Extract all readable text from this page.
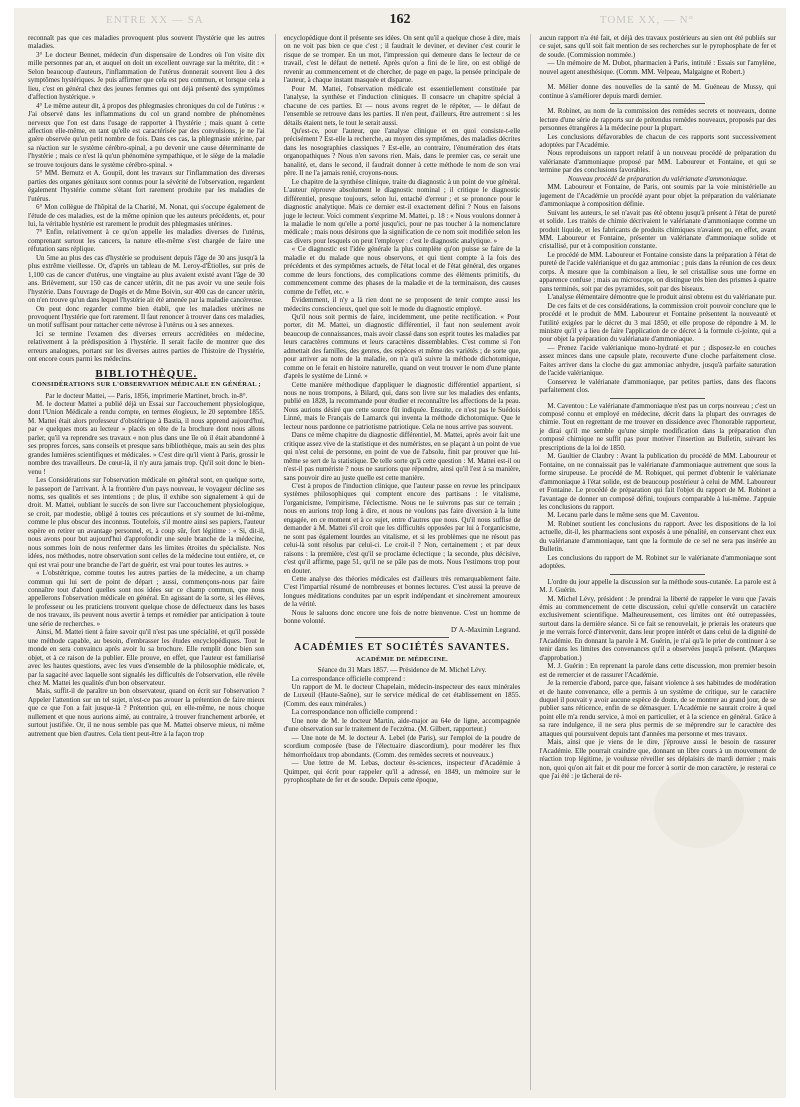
ENTRE XX — SA	162	TOME XX, — N°

reconnaît pas que ces maladies provoquent plus souvent l'hystérie que les autres maladies.

3° Le docteur Bennet, médecin d'un dispensaire de Londres où l'on visite dix mille personnes par an, et auquel on doit un excellent ouvrage sur la métrite, dit : « Selon beaucoup d'auteurs, l'inflammation de l'utérus donnerait souvent lieu à des symptômes hystériques. Je puis affirmer que cela est peu commun, et lorsque cela a lieu, c'est en général chez des jeunes femmes qui ont déjà présenté des symptômes d'affection hystérique. »

4° Le même auteur dit, à propos des phlegmasies chroniques du col de l'utérus : « J'ai observé dans les inflammations du col un grand nombre de phénomènes nerveux que l'on est dans l'usage de rapporter à l'hystérie ; mais quant à cette affection elle-même, en tant qu'elle est caractérisée par des convulsions, je ne l'ai guère observée qu'un petit nombre de fois. Dans ces cas, la phlegmasie utérine, par sa réaction sur le système cérébro-spinal, a pu devenir une cause déterminante de l'hystérie ; mais ce n'est là qu'un phénomène sympathique, et le siège de la maladie se trouve toujours dans le système cérébro-spinal. »

5° MM. Bernutz et A. Goupil, dont les travaux sur l'inflammation des diverses parties des organes génitaux sont connus pour la sévérité de l'observation, regardent également l'hystérie comme s'étant fort rarement produite par les maladies de l'utérus.

6° Mon collègue de l'hôpital de la Charité, M. Nonat, qui s'occupe également de l'étude de ces maladies, est de la même opinion que les auteurs précédents, et, pour lui, la véritable hystérie est rarement le produit des phlegmasies utérines.

7° Enfin, relativement à ce qu'on appelle les maladies diverses de l'utérus, comprenant surtout les cancers, la nature elle-même s'est chargée de faire une réfutation sans réplique.

Un 5me au plus des cas d'hystérie se produisent depuis l'âge de 30 ans jusqu'à la plus extrême vieillesse. Or, d'après un tableau de M. Leroy-d'Étiolles, sur près de 1,100 cas de cancer d'utérus, une vingtaine au plus avaient existé avant l'âge de 30 ans. Brièvement, sur 150 cas de cancer utérin, dit ne pas avoir vu une seule fois l'hystérie. Dans l'ouvrage de Dugès et de Mme Boivin, sur 400 cas de cancer utérin, on n'en trouve qu'un dans lequel l'hystérie ait été amenée par la maladie cancéreuse.

On peut donc regarder comme bien établi, que les maladies utérines ne provoquent l'hystérie que fort rarement. Il faut renoncer à trouver dans ces maladies, un motif suffisant pour rattacher cette névrose à l'utérus ou à ses annexes.

Ici se termine l'examen des diverses erreurs accréditées en médecine, relativement à la prédisposition à l'hystérie. Il serait facile de montrer que des erreurs analogues, portant sur les diverses autres parties de l'histoire de l'hystérie, ont encore cours parmi les médecins.

BIBLIOTHÈQUE.
CONSIDÉRATIONS SUR L'OBSERVATION MÉDICALE EN GÉNÉRAL ;

Par le docteur Mattei, — Paris, 1856, imprimerie Martinet, broch. in-8°.

M. le docteur Mattei a publié déjà un Essai sur l'accouchement physiologique, dont l'Union Médicale a rendu compte, en termes élogieux, le 20 septembre 1855. M. Mattei était alors professeur d'obstétrique à Bastia, il nous apprend aujourd'hui, par « quelques mots au lecteur » placés en tête de la brochure dont nous allons parler, qu'il va reprendre ses travaux « non plus dans une île où il était abandonné à ses propres forces, sans conseils et presque sans bibliothèque, mais au sein des plus grandes lumières scientifiques et médicales. » C'est dire qu'il vient à Paris, grossir le nombre des travailleurs. De cœur-là, il n'y aura jamais trop. Qu'il soit donc le bien-venu !

Les Considérations sur l'observation médicale en général sont, en quelque sorte, le passeport de l'arrivant. À la frontière d'un pays nouveau, le voyageur décline ses noms, ses qualités et ses intentions ; de plus, il exhibe son signalement à qui de droit. M. Mattei, oubliant le succès de son livre sur l'accouchement physiologique, se croit, par modestie, obligé à toutes ces précautions et s'y soumet de lui-même, comme le plus obscur des inconnus. Toutefois, s'il montre ainsi ses papiers, l'auteur espère en retirer un avantage personnel, et, à coup sûr, fort légitime : « Si, dit-il, nous avons pour but aujourd'hui d'approfondir une seule branche de la médecine, nous sommes loin de nous renfermer dans les limites étroites du spécialiste. Nos idées, nos méthodes, notre observation sont celles de la médecine tout entière, et, ce qui est vrai pour une branche de l'art de guérir, est vrai pour toutes les autres. »

« L'obstétrique, comme toutes les autres parties de la médecine, a un champ commun qui lui sert de point de départ ; aussi, commençons-nous par faire connaître tout d'abord quelles sont nos idées sur ce champ commun, que nous appellerons l'observation médicale en général. En agissant de la sorte, si les élèves, le professeur ou les praticiens trouvent quelque chose de défectueux dans les bases de nos travaux, ils peuvent nous avertir à temps et remédier par anticipation à toute une série de recherches. »

Ainsi, M. Mattei tient à faire savoir qu'il n'est pas une spécialité, et qu'il possède une méthode capable, au besoin, d'embrasser les études encyclopédiques. Tout le monde en sera convaincu après avoir lu sa brochure. Elle remplit donc bien son objet, et à ce raison de la publier. Elle prouve, en effet, que l'auteur est familiarisé avec les hautes questions, avec les vues d'ensemble de la philosophie médicale, et, par la sagacité avec laquelle sont signalés les difficultés de l'observation, elle révèle chez M. Mattei les qualités d'un bon observateur.

Mais, suffit-il de paraître un bon observateur, quand on écrit sur l'observation ? Appeler l'attention sur un tel sujet, n'est-ce pas avouer la prétention de faire mieux que ce que l'on a fait jusque-là ? Prétention qui, en elle-même, ne nous choque nullement et que nous aurions aimé, au contraire, à trouver franchement arborée, et surtout justifiée. Or, il ne nous semble pas que M. Mattei observe mieux, ni même autrement que bien d'autres. Cela tient peut-être à la façon trop

encyclopédique dont il présente ses idées. On sent qu'il a quelque chose à dire, mais on ne voit pas bien ce que c'est ; il faudrait le deviner, et deviner c'est courir le risque de se tromper. En un mot, l'impression qui demeure dans le lecteur de ce travail, c'est le défaut de netteté. Après qu'on a fini de le lire, on est obligé de revenir au commencement et de chercher, de page en page, la pensée principale de l'auteur, à chaque instant masquée et disparue.

Pour M. Mattei, l'observation médicale est essentiellement constituée par l'analyse, la synthèse et l'induction cliniques. Il consacre un chapitre spécial à chacune de ces parties. Et — nous avons regret de le répéter, — le défaut de l'ensemble se retrouve dans les parties. Il n'en peut, d'ailleurs, être autrement : si les détails étaient nets, le tout le serait aussi.

Qu'est-ce, pour l'auteur, que l'analyse clinique et en quoi consiste-t-elle précisément ? Est-elle la recherche, au moyen des symptômes, des maladies décrites dans les nosographies classiques ? Est-elle, au contraire, l'énumération des états organopathiques ? Nous n'en savons rien. Mais, dans le premier cas, ce serait une banalité, et, dans le second, il faudrait donner à cette méthode le nom de son vrai père. Il ne l'a jamais renié, croyons-nous.

Le chapitre de la synthèse clinique, traite du diagnostic à un point de vue général. L'auteur réprouve absolument le diagnostic nominal ; il critique le diagnostic différentiel, presque toujours, selon lui, entaché d'erreur ; et se prononce pour le diagnostic analytique. Mais ce dernier est-il exactement défini ? Nous en faisons juge le lecteur. Voici comment s'exprime M. Mattei, p. 18 : « Nous voulons donner à la maladie le nom qu'elle a porté jusqu'ici, pour ne pas toucher à la nomenclature médicale ; mais nous désirons que la signification de ce nom soit modifiée selon les cas divers pour lesquels on peut l'employer : c'est le diagnostic analytique. »

« Ce diagnostic est l'idée générale la plus complète qu'on puisse se faire de la maladie et du malade que nous observons, et qui tient compte à la fois des précédents et des symptômes actuels, de l'état local et de l'état général, des organes comme de leurs fonctions, des complications comme des éléments primitifs, du commencement comme des phases de la maladie et de la terminaison, des causes comme de l'effet, etc. »

Évidemment, il n'y a là rien dont ne se proposent de tenir compte aussi les médecins consciencieux, quel que soit le mode du diagnostic employé.

Qu'il nous soit permis de faire, incidemment, une petite rectification. « Pour porter, dit M. Mattei, un diagnostic différentiel, il faut non seulement avoir beaucoup de connaissances, mais avoir classé dans son esprit toutes les maladies par leurs caractères communs et leurs caractères dissemblables. C'est comme si l'on admettait des familles, des genres, des espèces et même des variétés ; de sorte que, pour arriver au nom de la maladie, on n'a qu'à suivre la méthode dichotomique, comme on le ferait en histoire naturelle, quand on veut trouver le nom d'une plante d'après le système de Linné. »

Cette manière méthodique d'appliquer le diagnostic différentiel appartient, si nous ne nous trompons, à Bilard, qui, dans son livre sur les maladies des enfants, publié en 1828, la recommande pour étudier et reconnaître les affections de la peau. Nous aurions désiré que cette source fût indiquée. Ensuite, ce n'est pas le Suédois Linné, mais le Français de Lamarck qui inventa la méthode dichotomique. Que le lecteur nous pardonne ce patriotisme patriotique. Cela ne nous arrive pas souvent.

Dans ce même chapitre du diagnostic différentiel, M. Mattei, après avoir fait une critique assez vive de la statistique et des numéristes, en se plaçant à un point de vue qui n'est celui de personne, en point de vue de l'absolu, finit par prouver que lui-même se sert de la statistique. De telle sorte qu'à cette question : M. Mattei est-il ou n'est-il pas numériste ? nous ne saurions que répondre, ainsi qu'il l'est à sa manière, sans pouvoir dire au juste quelle est cette manière.

C'est à propos de l'induction clinique, que l'auteur passe en revue les principaux systèmes philosophiques qui comptent encore des partisans : le vitalisme, l'organicisme, l'empirisme, l'éclectisme. Nous ne le suivrons pas sur ce terrain ; nous en aurions trop long à dire, et nous ne voulons pas faire diversion à la lutte engagée, en ce moment et à ce sujet, entre d'autres que nous. Qu'il nous suffise de demander à M. Mattei s'il croit que les difficultés opposées par lui à l'organicisme, ne sont pas également lourdes au vitalisme, et si les problèmes que ne résout pas celui-là sont résolus par celui-ci. Le croit-il ? Non, certainement ; et par deux raisons : la première, c'est qu'il se proclame éclectique ; la seconde, plus décisive, c'est qu'il affirme, page 51, qu'il ne se pâle pas de mots. Nous l'estimons trop pour en douter.

Cette analyse des théories médicales est d'ailleurs très remarquablement faite. C'est l'impartial résumé de nombreuses et bonnes lectures. C'est aussi la preuve de longues méditations conduites par un esprit indépendant et sincèrement amoureux de la vérité.

Nous le saluons donc encore une fois de notre bienvenue. C'est un homme de bonne volonté.

D' A.-Maximin Legrand.

ACADÉMIES ET SOCIÉTÉS SAVANTES.
ACADÉMIE DE MÉDECINE.

Séance du 31 Mars 1857. — Présidence de M. Michel Lévy.

La correspondance officielle comprend :

Un rapport de M. le docteur Chapelain, médecin-inspecteur des eaux minérales de Luxeuil (Haute-Saône), sur le service médical de cet établissement en 1855. (Comm. des eaux minérales.)

La correspondance non officielle comprend :

Une note de M. le docteur Martin, aide-major au 64e de ligne, accompagnée d'une observation sur le traitement de l'eczéma. (M. Gilbert, rapporteur.)

— Une note de M. le docteur A. Lebel (de Paris), sur l'emploi de la poudre de scordium composée (base de l'électuaire diascordium), pour modérer les flux hémorrhoïdaux trop abondants. (Comm. des remèdes secrets et nouveaux.)

— Une lettre de M. Lebas, docteur ès-sciences, inspecteur d'Académie à Quimper, qui écrit pour rappeler qu'il a adressé, en 1849, un mémoire sur le pyrophosphate de fer et de soude. Depuis cette époque,

aucun rapport n'a été fait, et déjà des travaux postérieurs au sien ont été publiés sur ce sujet, sans qu'il soit fait mention de ses recherches sur le pyrophosphate de fer et de soude. (Commission nommée.)

— Un mémoire de M. Dubot, pharmacien à Paris, intitulé : Essais sur l'amylène, nouvel agent anesthésique. (Comm. MM. Velpeau, Malgaigne et Robert.)

M. Mélier donne des nouvelles de la santé de M. Guéneau de Mussy, qui continue à s'améliorer depuis mardi dernier.

M. Robinet, au nom de la commission des remèdes secrets et nouveaux, donne lecture d'une série de rapports sur de prétendus remèdes nouveaux, proposés par des personnes étrangères à la médecine pour la plupart.

Les conclusions défavorables de chacun de ces rapports sont successivement adoptées par l'Académie.

Nous reproduisons un rapport relatif à un nouveau procédé de préparation du valérianate d'ammoniaque proposé par MM. Laboureur et Fontaine, et qui se termine par des conclusions favorables.

Nouveau procédé de préparation du valérianate d'ammoniaque.

MM. Laboureur et Fontaine, de Paris, ont soumis par la voie ministérielle au jugement de l'Académie un procédé ayant pour objet la préparation du valérianate d'ammoniaque à composition définie.

Suivant les auteurs, le sel n'avait pas été obtenu jusqu'à présent à l'état de pureté et solide. Les traités de chimie décrivaient le valérianate d'ammoniaque comme un produit liquide, et les fabricants de produits chimiques n'avaient pu, en effet, avant MM. Laboureur et Fontaine, présenter un valérianate d'ammoniaque solide et cristallisé, pur et à composition constante.

Le procédé de MM. Laboureur et Fontaine consiste dans la préparation à l'état de pureté de l'acide valérianique et du gaz ammoniac ; puis dans la réunion de ces deux corps. À mesure que la combinaison a lieu, le sel cristallise sous une forme en apparence confuse ; mais au microscope, on distingue très bien des prismes à quatre pans terminés, soit par des pyramides, soit par des biseaux.

L'analyse élémentaire démontre que le produit ainsi obtenu est du valérianate pur.

De ces faits et de ces considérations, la commission croit pouvoir conclure que le procédé et le produit de MM. Laboureur et Fontaine présentent la nouveauté et l'utilité exigées par le décret du 3 mai 1850, et elle propose de répondre à M. le ministre qu'il y a lieu de faire l'application de ce décret à la formule ci-jointe, qui a pour objet la préparation du valérianate d'ammoniaque.

— Prenez l'acide valérianique mono-hydraté et pur ; disposez-le en couches assez minces dans une capsule plate, recouverte d'une cloche parfaitement close. Faites arriver dans la cloche du gaz ammoniac anhydre, jusqu'à parfaite saturation de l'acide valérianique.

Conservez le valérianate d'ammoniaque, par petites parties, dans des flacons parfaitement clos.

M. Caventou : Le valérianate d'ammoniaque n'est pas un corps nouveau ; c'est un composé connu et employé en médecine, décrit dans la plupart des ouvrages de chimie. Tout en regrettant de me trouver en dissidence avec l'honorable rapporteur, je dirai qu'il me semble qu'une simple modification dans la préparation d'un composé chimique ne suffit pas pour motiver l'insertion au Bulletin, suivant les prescriptions de la loi de 1850.

M. Gaultier de Claubry : Avant la publication du procédé de MM. Laboureur et Fontaine, on ne connaissait pas le valérianate d'ammoniaque autrement que sous la forme sirupeuse. Le procédé de M. Robiquet, qui permet d'obtenir le valérianate d'ammoniaque à l'état solide, est de beaucoup postérieur à celui de MM. Laboureur et Fontaine. Le procédé de préparation qui fait l'objet du rapport de M. Robinet a l'avantage de donner un composé défini, toujours comparable à lui-même. J'appuie les conclusions du rapport.

M. Lecanu parle dans le même sens que M. Caventou.

M. Robinet soutient les conclusions du rapport. Avec les dispositions de la loi actuelle, dit-il, les pharmaciens sont exposés à une pénalité, en conservant chez eux du valérianate d'ammoniaque, tant que la formule de ce sel ne sera pas insérée au Bulletin.

Les conclusions du rapport de M. Robinet sur le valérianate d'ammoniaque sont adoptées.

L'ordre du jour appelle la discussion sur la méthode sous-cutanée. La parole est à M. J. Guérin.

M. Michel Lévy, président : Je prendrai la liberté de rappeler le vœu que j'avais émis au commencement de cette discussion, celui qu'elle conservât un caractère exclusivement scientifique. Malheureusement, ces limites ont été outrepassées, surtout dans la dernière séance. Si ce fait se renouvelait, je prierais les orateurs que je me verrais forcé d'intervenir, dans leur propre intérêt et dans celui de la dignité de l'Académie. En donnant la parole à M. Guérin, je n'ai qu'à le prier de continuer à se tenir dans les limites des convenances qu'il a observées jusqu'à présent. (Marques d'approbation.)

M. J. Guérin : En reprenant la parole dans cette discussion, mon premier besoin est de remercier et de rassurer l'Académie.

Je la remercie d'abord, parce que, faisant violence à ses habitudes de modération et de haute convenance, elle a permis à un système de critique, sur le caractère duquel il pouvait y avoir aucune espèce de doute, de se montrer au grand jour, de se publier sans réticence, enfin de se démasquer. L'Académie ne saurait croire à quel point elle m'a rendu service, à moi en particulier, et à la science en général. Grâce à sa rare indulgence, il ne sera plus permis de se méprendre sur le caractère des attaques qui poursuivent depuis tant d'années ma personne et mes travaux.

Mais, ainsi que je viens de le dire, j'éprouve aussi le besoin de rassurer l'Académie. Elle pourrait craindre que, donnant un libre cours à un mouvement de réaction trop légitime, je voulusse réveiller ses déplaisirs de mardi dernier ; mais non, quoi qu'on ait fait et dit pour me forcer à sortir de mon caractère, je resterai ce que j'ai été : je tâcherai de ré-
